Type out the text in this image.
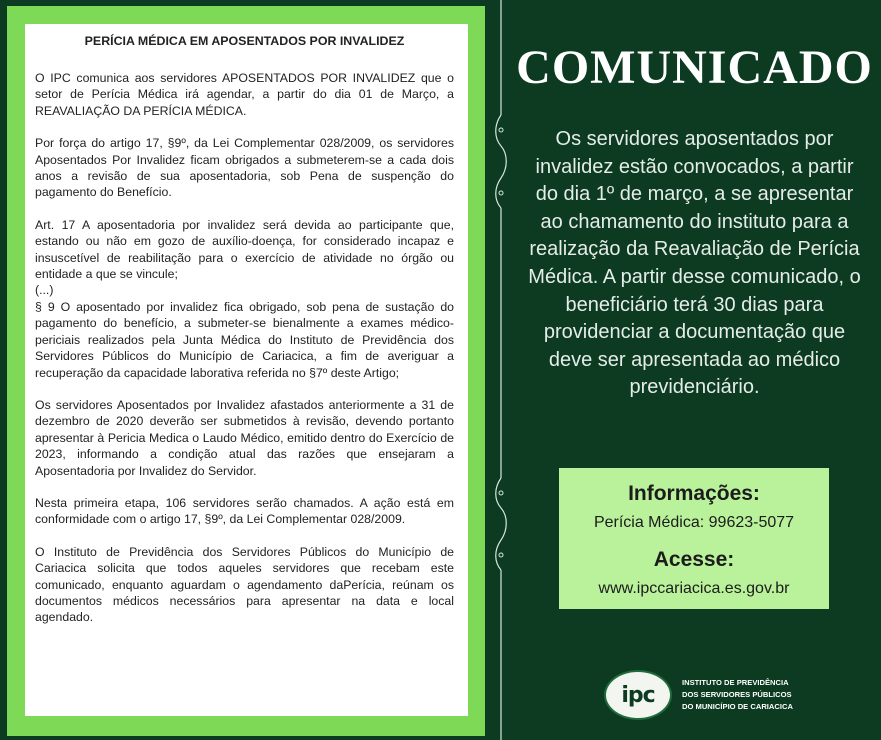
PERÍCIA MÉDICA EM APOSENTADOS POR INVALIDEZ

O IPC comunica aos servidores APOSENTADOS POR INVALIDEZ que o setor de Perícia Médica irá agendar, a partir do dia 01 de Março, a REAVALIAÇÃO DA PERÍCIA MÉDICA.

Por força do artigo 17, §9º, da Lei Complementar 028/2009, os servidores Aposentados Por Invalidez ficam obrigados a submeterem-se a cada dois anos a revisão de sua aposentadoria, sob Pena de suspenção do pagamento do Benefício.

Art. 17 A aposentadoria por invalidez será devida ao participante que, estando ou não em gozo de auxílio-doença, for considerado incapaz e insuscetível de reabilitação para o exercício de atividade no órgão ou entidade a que se vincule;

(...)

§ 9 O aposentado por invalidez fica obrigado, sob pena de sustação do pagamento do benefício, a submeter-se bienalmente a exames médico-periciais realizados pela Junta Médica do Instituto de Previdência dos Servidores Públicos do Município de Cariacica, a fim de averiguar a recuperação da capacidade laborativa referida no §7º deste Artigo;

Os servidores Aposentados por Invalidez afastados anteriormente a 31 de dezembro de 2020 deverão ser submetidos à revisão, devendo portanto apresentar à Pericia Medica o Laudo Médico, emitido dentro do Exercício de 2023, informando a condição atual das razões que ensejaram a Aposentadoria por Invalidez do Servidor.

Nesta primeira etapa, 106 servidores serão chamados. A ação está em conformidade com o artigo 17, §9º, da Lei Complementar 028/2009.

O Instituto de Previdência dos Servidores Públicos do Município de Cariacica solicita que todos aqueles servidores que recebam este comunicado, enquanto aguardam o agendamento daPerícia, reúnam os documentos médicos necessários para apresentar na data e local agendado.

COMUNICADO

Os servidores aposentados por invalidez estão convocados, a partir do dia 1º de março, a se apresentar ao chamamento do instituto para a realização da Reavaliação de Perícia Médica. A partir desse comunicado, o beneficiário terá 30 dias para providenciar a documentação que deve ser apresentada ao médico previdenciário.

Informações:

Perícia Médica: 99623-5077

Acesse:

www.ipccariacica.es.gov.br

ipc	INSTITUTO DE PREVIDÊNCIA
DOS SERVIDORES PÚBLICOS
DO MUNICÍPIO DE CARIACICA
